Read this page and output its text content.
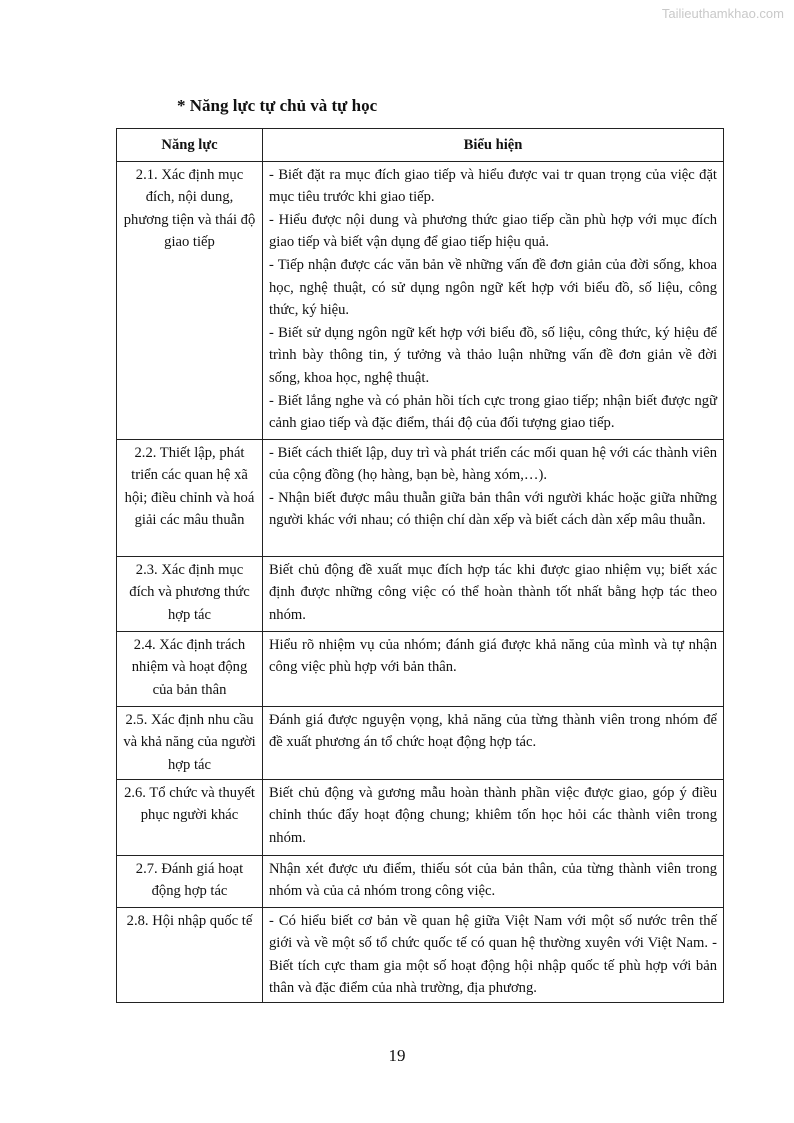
Tailieuthamkhao.com
* Năng lực tự chủ và tự học
Năng lực	Biểu hiện
2.1. Xác định mục đích, nội dung, phương tiện và thái độ giao tiếp	- Biết đặt ra mục đích giao tiếp và hiểu được vai tr quan trọng của việc đặt mục tiêu trước khi giao tiếp.
- Hiểu được nội dung và phương thức giao tiếp cần phù hợp với mục đích giao tiếp và biết vận dụng để giao tiếp hiệu quả.
- Tiếp nhận được các văn bản về những vấn đề đơn giản của đời sống, khoa học, nghệ thuật, có sử dụng ngôn ngữ kết hợp với biểu đồ, số liệu, công thức, ký hiệu.
- Biết sử dụng ngôn ngữ kết hợp với biểu đồ, số liệu, công thức, ký hiệu để trình bày thông tin, ý tưởng và thảo luận những vấn đề đơn giản về đời sống, khoa học, nghệ thuật.
- Biết lắng nghe và có phản hồi tích cực trong giao tiếp; nhận biết được ngữ cảnh giao tiếp và đặc điểm, thái độ của đối tượng giao tiếp.

2.2. Thiết lập, phát triển các quan hệ xã hội; điều chỉnh và hoá giải các mâu thuẫn	- Biết cách thiết lập, duy trì và phát triển các mối quan hệ với các thành viên của cộng đồng (họ hàng, bạn bè, hàng xóm,…).
- Nhận biết được mâu thuẫn giữa bản thân với người khác hoặc giữa những người khác với nhau; có thiện chí dàn xếp và biết cách dàn xếp mâu thuẫn.

2.3. Xác định mục đích và phương thức hợp tác	Biết chủ động đề xuất mục đích hợp tác khi được giao nhiệm vụ; biết xác định được những công việc có thể hoàn thành tốt nhất bằng hợp tác theo nhóm.

2.4. Xác định trách nhiệm và hoạt động của bản thân	Hiểu rõ nhiệm vụ của nhóm; đánh giá được khả năng của mình và tự nhận công việc phù hợp với bản thân.

2.5. Xác định nhu cầu và khả năng của người hợp tác	Đánh giá được nguyện vọng, khả năng của từng thành viên trong nhóm để đề xuất phương án tổ chức hoạt động hợp tác.

2.6. Tổ chức và thuyết phục người khác	Biết chủ động và gương mẫu hoàn thành phần việc được giao, góp ý điều chỉnh thúc đẩy hoạt động chung; khiêm tốn học hỏi các thành viên trong nhóm.

2.7. Đánh giá hoạt động hợp tác	Nhận xét được ưu điểm, thiếu sót của bản thân, của từng thành viên trong nhóm và của cả nhóm trong công việc.

2.8. Hội nhập quốc tế	- Có hiểu biết cơ bản về quan hệ giữa Việt Nam với một số nước trên thế giới và về một số tổ chức quốc tế có quan hệ thường xuyên với Việt Nam. - Biết tích cực tham gia một số hoạt động hội nhập quốc tế phù hợp với bản thân và đặc điểm của nhà trường, địa phương.
19
